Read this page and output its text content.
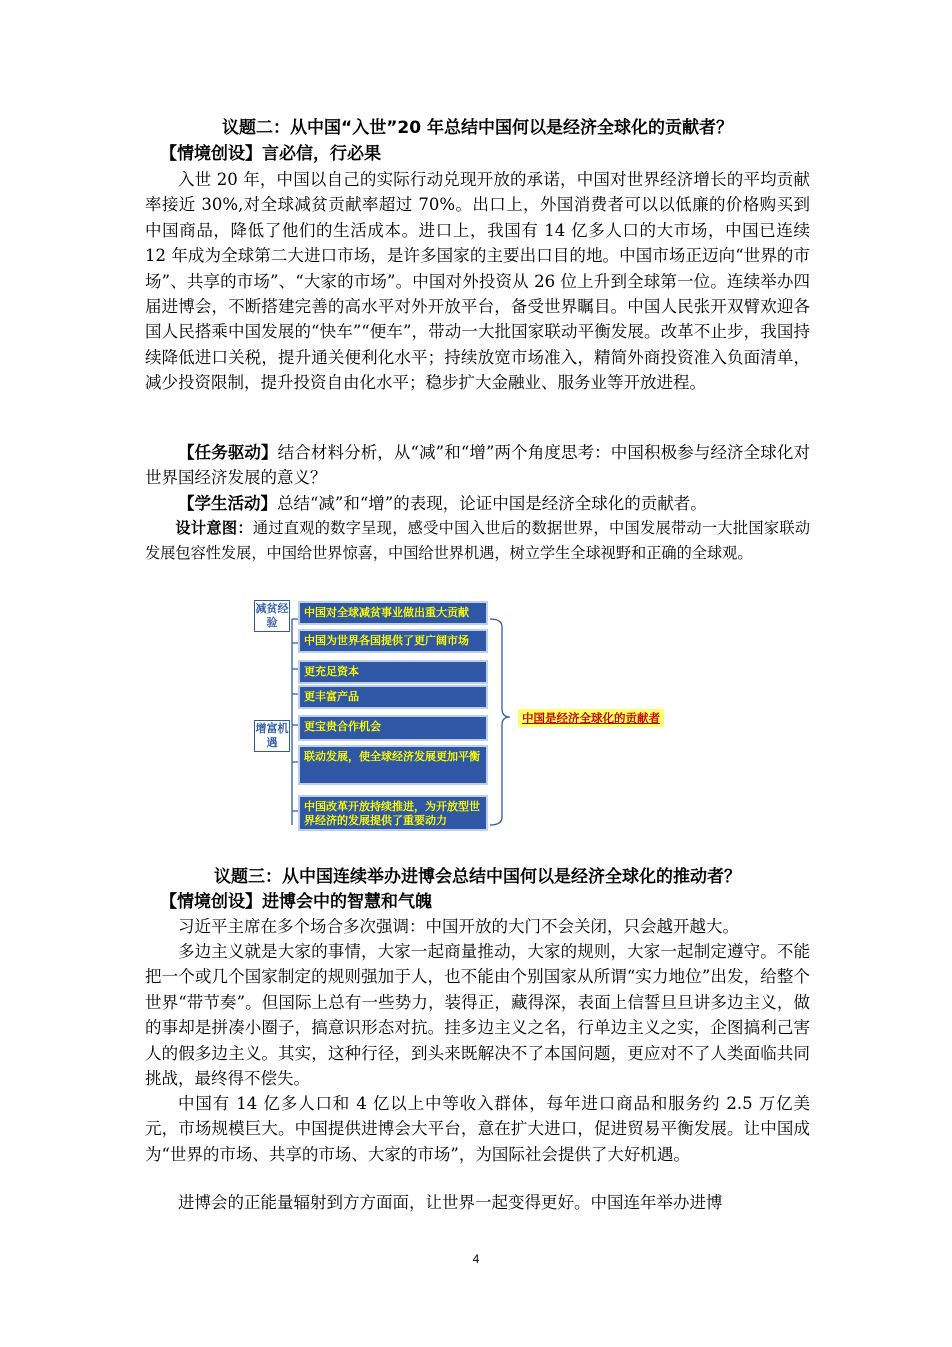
议题二：从中国“入世”20 年总结中国何以是经济全球化的贡献者？
【情境创设】言必信，行必果

入世 20 年，中国以自己的实际行动兑现开放的承诺，中国对世界经济增长的平均贡献率接近 30%,对全球减贫贡献率超过 70%。出口上，外国消费者可以以低廉的价格购买到中国商品，降低了他们的生活成本。进口上，我国有 14 亿多人口的大市场，中国已连续 12 年成为全球第二大进口市场，是许多国家的主要出口目的地。中国市场正迈向“世界的市场”、共享的市场”、“大家的市场”。中国对外投资从 26 位上升到全球第一位。连续举办四届进博会，不断搭建完善的高水平对外开放平台，备受世界瞩目。中国人民张开双臂欢迎各国人民搭乘中国发展的“快车”“便车”，带动一大批国家联动平衡发展。改革不止步，我国持续降低进口关税，提升通关便利化水平；持续放宽市场准入，精简外商投资准入负面清单，减少投资限制，提升投资自由化水平；稳步扩大金融业、服务业等开放进程。

【任务驱动】结合材料分析，从“减”和“增”两个角度思考：中国积极参与经济全球化对世界国经济发展的意义？

【学生活动】总结“减”和“增”的表现，论证中国是经济全球化的贡献者。

设计意图：通过直观的数字呈现，感受中国入世后的数据世界，中国发展带动一大批国家联动发展包容性发展，中国给世界惊喜，中国给世界机遇，树立学生全球视野和正确的全球观。

减贫经验
增富机遇
中国对全球减贫事业做出重大贡献
中国为世界各国提供了更广阔市场
更充足资本
更丰富产品
更宝贵合作机会
联动发展，使全球经济发展更加平衡
中国改革开放持续推进，为开放型世界经济的发展提供了重要动力
中国是经济全球化的贡献者
议题三：从中国连续举办进博会总结中国何以是经济全球化的推动者？
【情境创设】进博会中的智慧和气魄

习近平主席在多个场合多次强调：中国开放的大门不会关闭，只会越开越大。

多边主义就是大家的事情，大家一起商量推动，大家的规则，大家一起制定遵守。不能把一个或几个国家制定的规则强加于人，也不能由个别国家从所谓“实力地位”出发，给整个世界“带节奏”。但国际上总有一些势力，装得正，藏得深，表面上信誓旦旦讲多边主义，做的事却是拼凑小圈子，搞意识形态对抗。挂多边主义之名，行单边主义之实，企图搞利己害人的假多边主义。其实，这种行径，到头来既解决不了本国问题，更应对不了人类面临共同挑战，最终得不偿失。

中国有 14 亿多人口和 4 亿以上中等收入群体，每年进口商品和服务约 2.5 万亿美元，市场规模巨大。中国提供进博会大平台，意在扩大进口，促进贸易平衡发展。让中国成为“世界的市场、共享的市场、大家的市场”，为国际社会提供了大好机遇。

进博会的正能量辐射到方方面面，让世界一起变得更好。中国连年举办进博

4
